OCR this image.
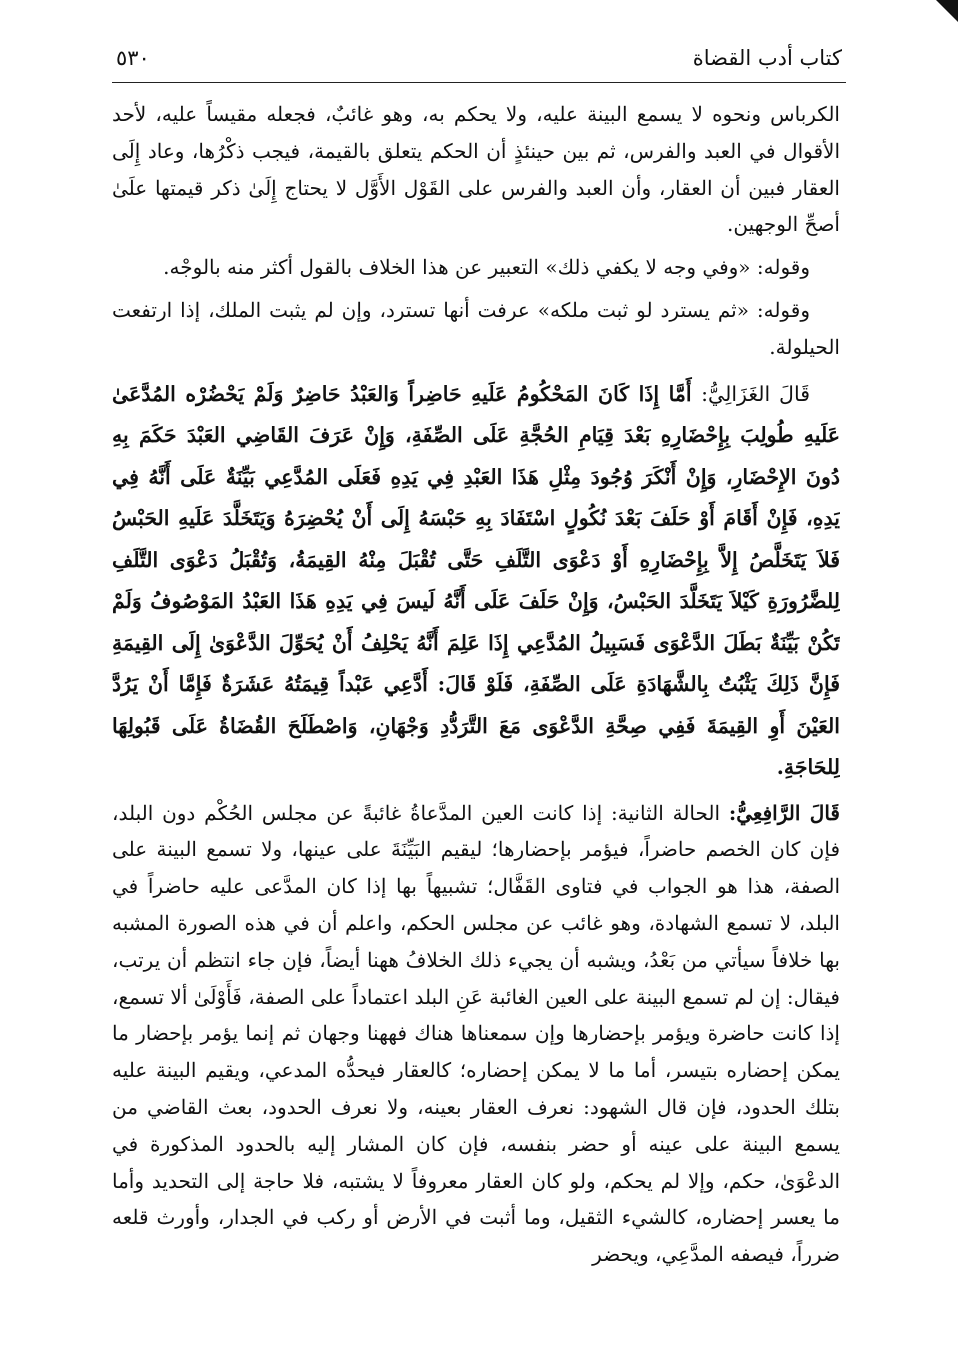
كتاب أدب القضاة
٥٣٠

الكرباس ونحوه لا يسمع البينة عليه، ولا يحكم به، وهو غائبٌ، فجعله مقيساً عليه، لأحد الأقوال في العبد والفرس، ثم بين حينئذٍ أن الحكم يتعلق بالقيمة، فيجب ذكْرُها، وعاد إِلَى العقار فبين أن العقار، وأن العبد والفرس على القَوْل الأَوَّل لا يحتاج إِلَىٰ ذكر قيمتها علَىٰ أصحِّ الوجهين.

وقوله: «وفي وجه لا يكفي ذلك» التعبير عن هذا الخلاف بالقول أكثر منه بالوجْه.

وقوله: «ثم يسترد لو ثبت ملكه» عرفت أنها تسترد، وإن لم يثبت الملك، إذا ارتفعت الحيلولة.

قَالَ الغَزَالِيُّ: أَمَّا إِذَا كَانَ المَحْكُومُ عَلَيهِ حَاضِراً وَالعَبْدُ حَاضِرٌ وَلَمْ يَحْضُرْه المُدَّعَىٰ عَلَيهِ طُولِبَ بِإِحْضَارِهِ بَعْدَ قِيَامِ الحُجَّةِ عَلَى الصِّفَةِ، وَإِنْ عَرَفَ القَاضِي العَبْدَ حَكَمَ بِهِ دُونَ الإِحْضَارِ، وَإِنْ أَنْكَرَ وُجُودَ مِثْلِ هَذَا العَبْدِ فِي يَدِهِ فَعَلَى المُدَّعِي بَيِّنَةٌ عَلَى أَنَّهُ فِي يَدِهِ، فَإِنْ أَقَامَ أَوْ حَلَفَ بَعْدَ نُكُولٍ اسْتَفَادَ بِهِ حَبْسَهُ إِلَى أَنْ يُحْضِرَهُ وَيَتَخَلَّدَ عَلَيهِ الحَبْسُ فَلاَ يَتَخَلَّصُ إِلاَّ بِإِحْضَارِهِ أَوْ دَعْوَى التَّلَفِ حَتَّى تُقْبَلَ مِنْهُ القِيمَةُ، وَتُقْبَلُ دَعْوَى التَّلَفِ لِلضَّرُورَةِ كَيْلاَ يَتَخَلَّدَ الحَبْسُ، وَإِنْ حَلَفَ عَلَى أَنَّهُ لَيسَ فِي يَدِهِ هَذَا العَبْدُ المَوْصُوفُ وَلَمْ تَكُنْ بَيِّنَةٌ بَطَلَ الدَّعْوَى فَسَبِيلُ المُدَّعِي إِذَا عَلِمَ أَنَّهُ يَحْلِفُ أَنْ يُحَوِّلَ الدَّعْوَىٰ إِلَى القِيمَةِ فَإِنَّ ذَلِكَ يَثْبُتُ بِالشَّهَادَةِ عَلَى الصِّفَةِ، فَلَوْ قَالَ: أَدَّعِي عَبْداً قِيمَتُهُ عَشَرَةٌ فَإِمَّا أَنْ يَرُدَّ العَيْنَ أَوِ القِيمَةَ فَفِي صِحَّةِ الدَّعْوَى مَعَ التَّرَدُّدِ وَجْهَانِ، وَاصْطَلَحَ القُضَاةُ عَلَى قَبُولِهَا لِلحَاجَةِ.

قَالَ الرَّافِعِيُّ: الحالة الثانية: إذا كانت العين المدَّعاةُ غائبةً عن مجلس الحُكْم دون البلد، فإن كان الخصم حاضراً، فيؤمر بإحضارها؛ ليقيم البَيِّنَةَ على عينها، ولا تسمع البينة على الصفة، هذا هو الجواب في فتاوى القَفَّال؛ تشبيهاً بها إذا كان المدَّعى عليه حاضراً في البلد، لا تسمع الشهادة، وهو غائب عن مجلس الحكم، واعلم أن في هذه الصورة المشبه بها خلافاً سيأتي من بَعْدُ، ويشبه أن يجيء ذلك الخلافُ ههنا أيضاً، فإن جاء انتظم أن يرتب، فيقال: إن لم تسمع البينة على العين الغائبة عَنِ البلد اعتماداً على الصفة، فَأَوْلَىٰ ألا تسمع، إذا كانت حاضرة ويؤمر بإحضارها وإن سمعناها هناك فههنا وجهان ثم إنما يؤمر بإحضار ما يمكن إحضاره بتيسر، أما ما لا يمكن إحضاره؛ كالعقار فيحدُّه المدعي، ويقيم البينة عليه بتلك الحدود، فإن قال الشهود: نعرف العقار بعينه، ولا نعرف الحدود، بعث القاضي من يسمع البينة على عينه أو حضر بنفسه، فإن كان المشار إليه بالحدود المذكورة في الدعْوَىٰ، حكم، وإلا لم يحكم، ولو كان العقار معروفاً لا يشتبه، فلا حاجة إلى التحديد وأما ما يعسر إحضاره، كالشيء الثقيل، وما أثبت في الأرض أو ركب في الجدار، وأورث قلعه ضرراً، فيصفه المدَّعِي، ويحضر
